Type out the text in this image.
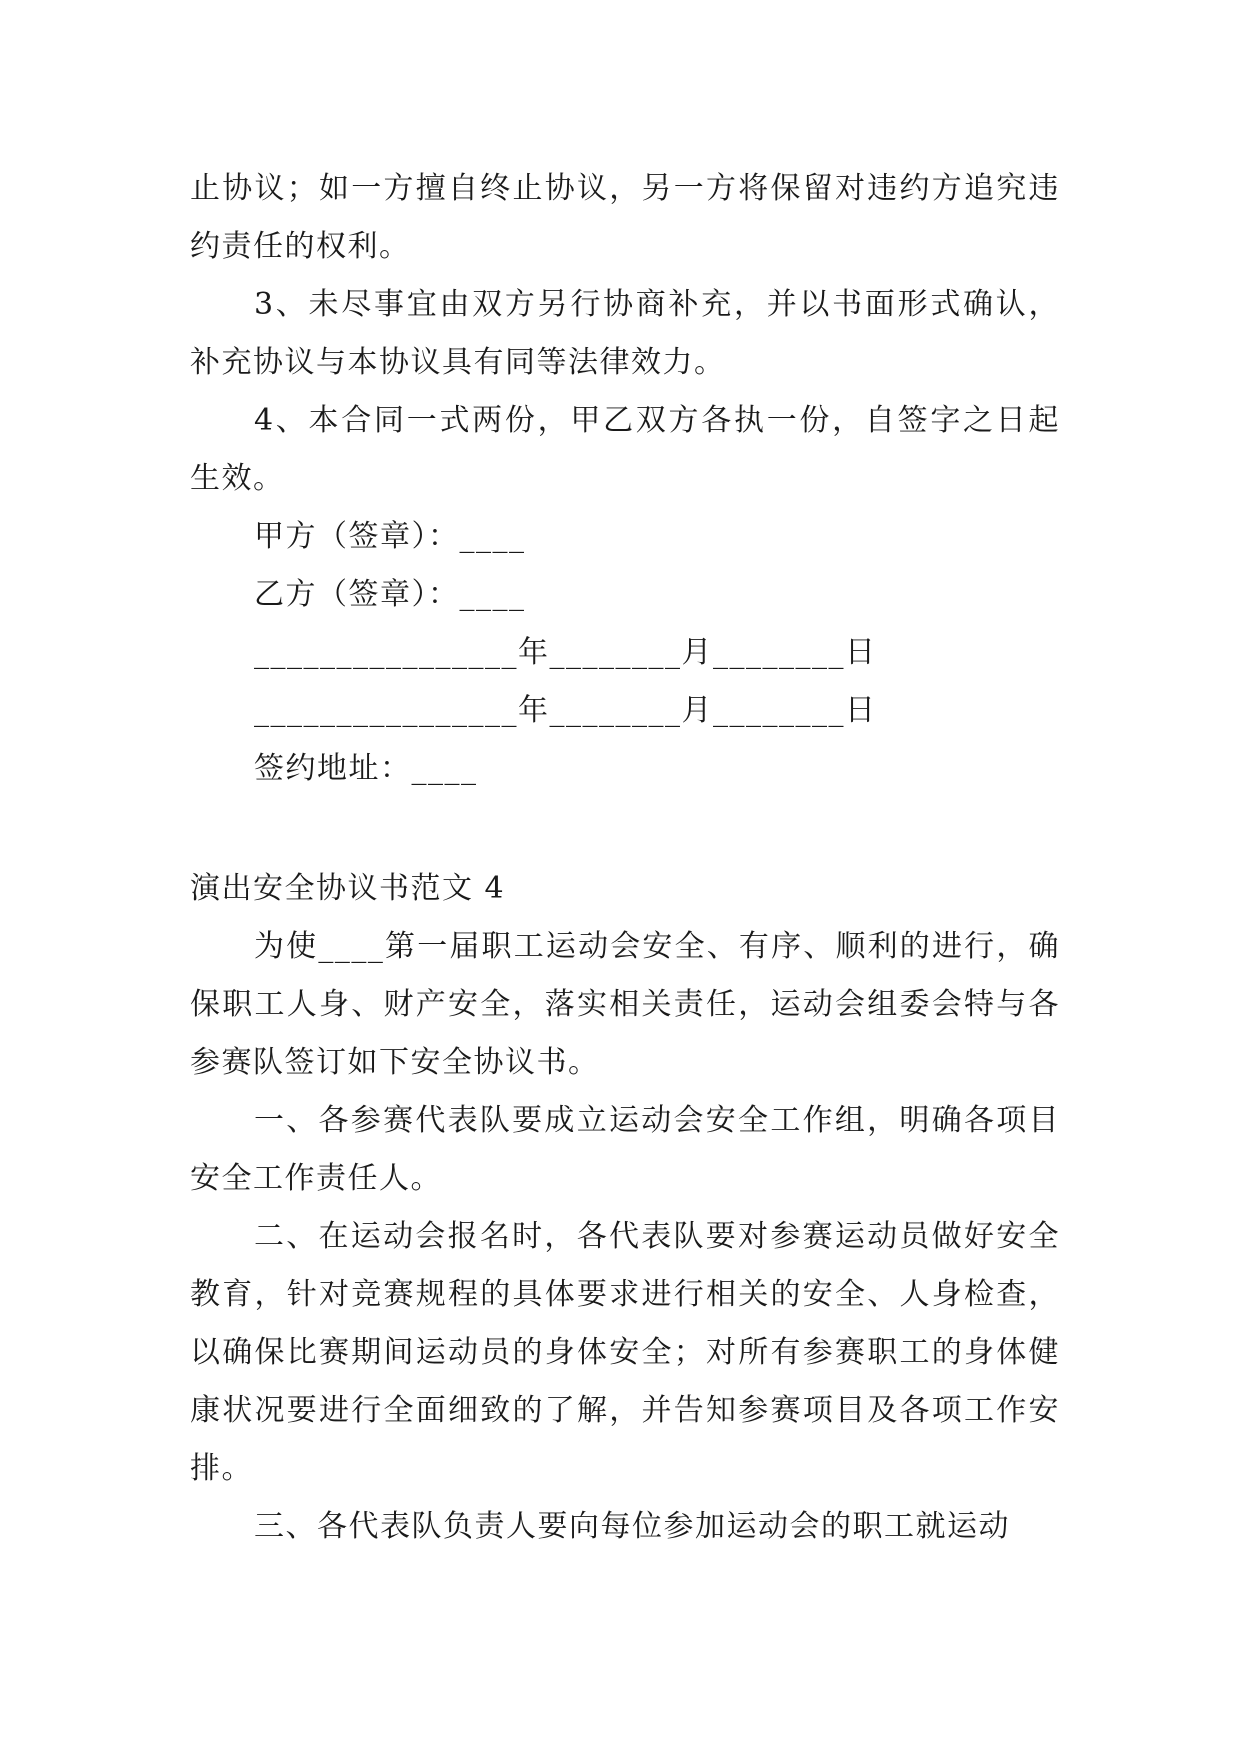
止协议；如一方擅自终止协议，另一方将保留对违约方追究违约责任的权利。

3、未尽事宜由双方另行协商补充，并以书面形式确认，补充协议与本协议具有同等法律效力。

4、本合同一式两份，甲乙双方各执一份，自签字之日起生效。

甲方（签章）：____

乙方（签章）：____

________________年________月________日

________________年________月________日

签约地址：____

演出安全协议书范文 4

为使____第一届职工运动会安全、有序、顺利的进行，确保职工人身、财产安全，落实相关责任，运动会组委会特与各参赛队签订如下安全协议书。

一、各参赛代表队要成立运动会安全工作组，明确各项目安全工作责任人。

二、在运动会报名时，各代表队要对参赛运动员做好安全教育，针对竞赛规程的具体要求进行相关的安全、人身检查，以确保比赛期间运动员的身体安全；对所有参赛职工的身体健康状况要进行全面细致的了解，并告知参赛项目及各项工作安排。

三、各代表队负责人要向每位参加运动会的职工就运动
